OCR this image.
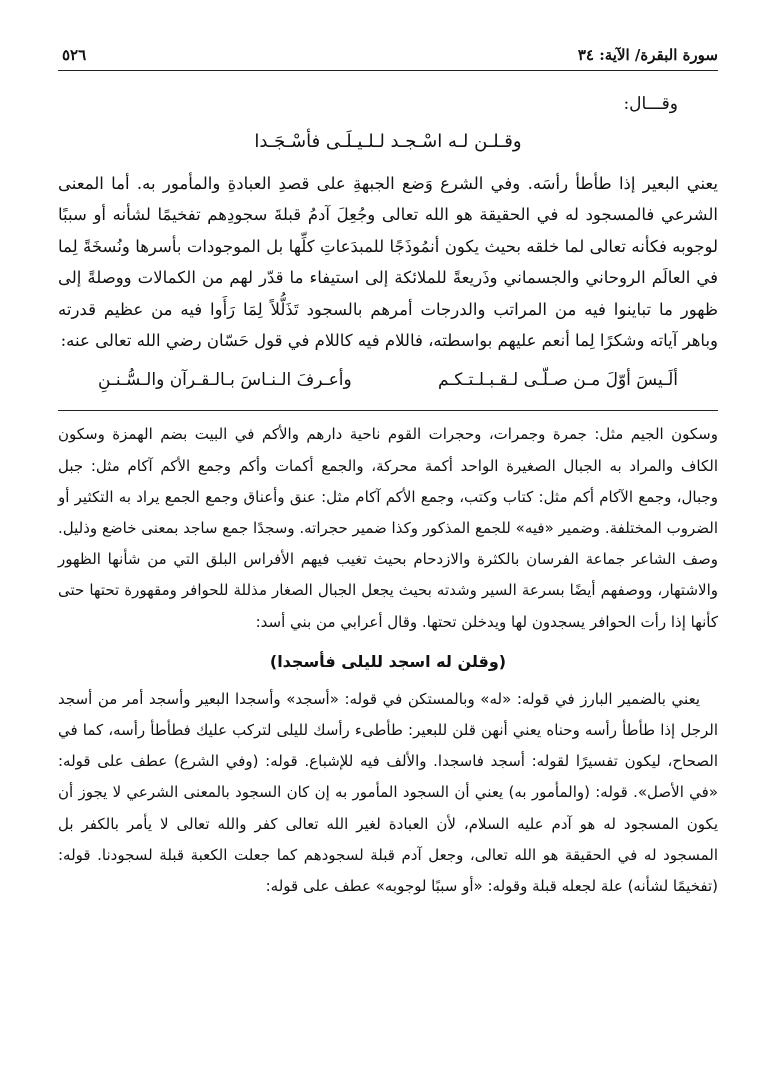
سورة البقرة/ الآية: ٣٤
٥٢٦
وقـــال:
وقـلـن لـه اسْـجـد لـلـيـلَـى فأسْـجَـدا

يعني البعير إذا طأطأ رأسَه. وفي الشرع وَضع الجبهةِ على قصدِ العبادةِ والمأمور به. أما المعنى الشرعي فالمسجود له في الحقيقة هو الله تعالى وجُعِلَ آدمُ قبلةَ سجودِهم تفخيمًا لشأنه أو سببًا لوجوبه فكأنه تعالى لما خلقه بحيث يكون أنمُوذَجًا للمبدَعاتِ كلِّها بل الموجودات بأسرها ونُسخَةً لِما في العالَم الروحاني والجسماني وذَريعةً للملائكة إلى استيفاء ما قدّر لهم من الكمالات ووصلةً إلى ظهور ما تباينوا فيه من المراتب والدرجات أمرهم بالسجود تَذَلُّلاً لِمَا رَأَوا فيه من عظيم قدرته وباهر آياته وشكرًا لِما أنعم عليهم بواسطته، فاللام فيه كاللام في قول حَسّان رضي الله تعالى عنه:

ألَـيسَ أوّلَ مـن صـلّـى لـقـبـلـتـكـم
وأعـرفَ الـنـاسَ بـالـقـرآن والـسُّـنـنِ

وسكون الجيم مثل: جمرة وجمرات، وحجرات القوم ناحية دارهم والأكم في البيت بضم الهمزة وسكون الكاف والمراد به الجبال الصغيرة الواحد أكمة محركة، والجمع أكمات وأكم وجمع الأكم آكام مثل: جبل وجبال، وجمع الآكام أكم مثل: كتاب وكتب، وجمع الأكم آكام مثل: عنق وأعناق وجمع الجمع يراد به التكثير أو الضروب المختلفة. وضمير «فيه» للجمع المذكور وكذا ضمير حجراته. وسجدًا جمع ساجد بمعنى خاضع وذليل. وصف الشاعر جماعة الفرسان بالكثرة والازدحام بحيث تغيب فيهم الأفراس البلق التي من شأنها الظهور والاشتهار، ووصفهم أيضًا بسرعة السير وشدته بحيث يجعل الجبال الصغار مذللة للحوافر ومقهورة تحتها حتى كأنها إذا رأت الحوافر يسجدون لها ويدخلن تحتها. وقال أعرابي من بني أسد:

(وقلن له اسجد لليلى فأسجدا)

يعني بالضمير البارز في قوله: «له» وبالمستكن في قوله: «أسجد» وأسجدا البعير وأسجد أمر من أسجد الرجل إذا طأطأ رأسه وحناه يعني أنهن قلن للبعير: طأطىء رأسك لليلى لتركب عليك فطأطأ رأسه، كما في الصحاح، ليكون تفسيرًا لقوله: أسجد فاسجدا. والألف فيه للإشباع. قوله: (وفي الشرع) عطف على قوله: «في الأصل». قوله: (والمأمور به) يعني أن السجود المأمور به إن كان السجود بالمعنى الشرعي لا يجوز أن يكون المسجود له هو آدم عليه السلام، لأن العبادة لغير الله تعالى كفر والله تعالى لا يأمر بالكفر بل المسجود له في الحقيقة هو الله تعالى، وجعل آدم قبلة لسجودهم كما جعلت الكعبة قبلة لسجودنا. قوله: (تفخيمًا لشأنه) علة لجعله قبلة وقوله: «أو سببًا لوجوبه» عطف على قوله:
